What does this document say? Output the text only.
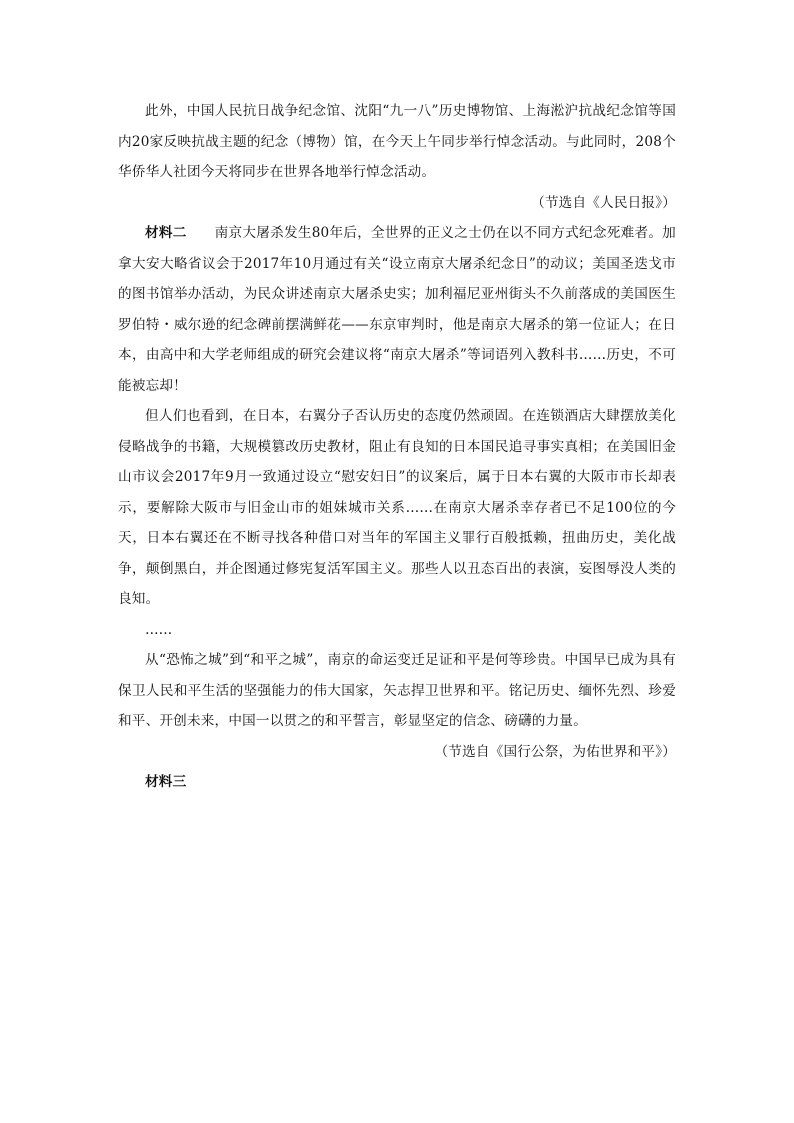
此外，中国人民抗日战争纪念馆、沈阳“九一八”历史博物馆、上海淞沪抗战纪念馆等国内20家反映抗战主题的纪念（博物）馆，在今天上午同步举行悼念活动。与此同时，208个华侨华人社团今天将同步在世界各地举行悼念活动。

（节选自《人民日报》）

材料二 南京大屠杀发生80年后，全世界的正义之士仍在以不同方式纪念死难者。加拿大安大略省议会于2017年10月通过有关“设立南京大屠杀纪念日”的动议；美国圣迭戈市的图书馆举办活动，为民众讲述南京大屠杀史实；加利福尼亚州街头不久前落成的美国医生罗伯特・威尔逊的纪念碑前摆满鲜花——东京审判时，他是南京大屠杀的第一位证人；在日本，由高中和大学老师组成的研究会建议将“南京大屠杀”等词语列入教科书……历史，不可能被忘却！

但人们也看到，在日本，右翼分子否认历史的态度仍然顽固。在连锁酒店大肆摆放美化侵略战争的书籍，大规模篡改历史教材，阻止有良知的日本国民追寻事实真相；在美国旧金山市议会2017年9月一致通过设立“慰安妇日”的议案后，属于日本右翼的大阪市市长却表示，要解除大阪市与旧金山市的姐妹城市关系……在南京大屠杀幸存者已不足100位的今天，日本右翼还在不断寻找各种借口对当年的军国主义罪行百般抵赖，扭曲历史，美化战争，颠倒黑白，并企图通过修宪复活军国主义。那些人以丑态百出的表演，妄图辱没人类的良知。

……

从“恐怖之城”到“和平之城”，南京的命运变迁足证和平是何等珍贵。中国早已成为具有保卫人民和平生活的坚强能力的伟大国家，矢志捍卫世界和平。铭记历史、缅怀先烈、珍爱和平、开创未来，中国一以贯之的和平誓言，彰显坚定的信念、磅礴的力量。

（节选自《国行公祭，为佑世界和平》）

材料三
